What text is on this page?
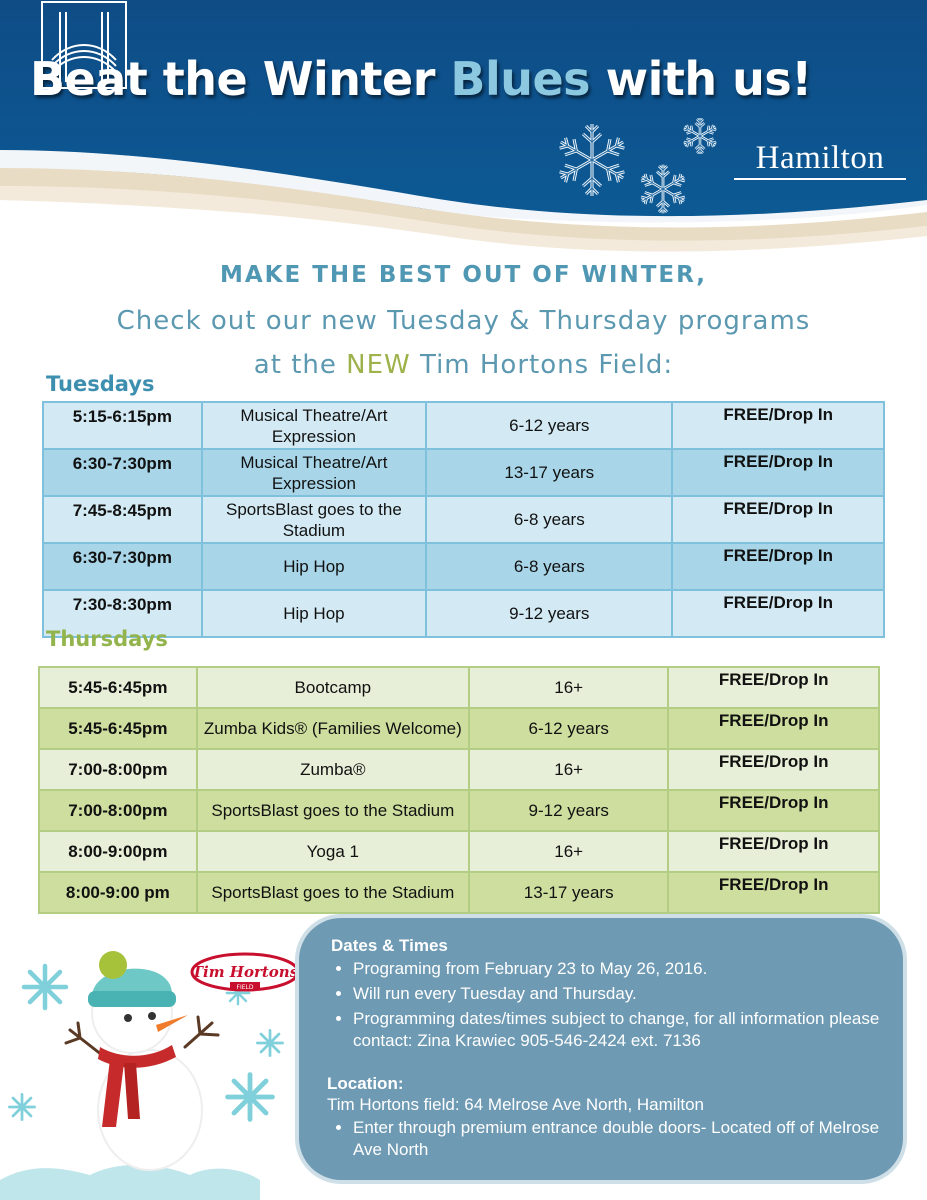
Beat the Winter Blues with us!
Hamilton
MAKE THE BEST OUT OF WINTER,
Check out our new Tuesday & Thursday programs
at the NEW Tim Hortons Field:
Tuesdays
5:15-6:15pm	Musical Theatre/Art Expression	6-12 years	FREE/Drop In
6:30-7:30pm	Musical Theatre/Art Expression	13-17 years	FREE/Drop In
7:45-8:45pm	SportsBlast goes to the Stadium	6-8 years	FREE/Drop In
6:30-7:30pm	Hip Hop	6-8 years	FREE/Drop In
7:30-8:30pm	Hip Hop	9-12 years	FREE/Drop In
Thursdays
5:45-6:45pm	Bootcamp	16+	FREE/Drop In
5:45-6:45pm	Zumba Kids® (Families Welcome)	6-12 years	FREE/Drop In
7:00-8:00pm	Zumba®	16+	FREE/Drop In
7:00-8:00pm	SportsBlast goes to the Stadium	9-12 years	FREE/Drop In
8:00-9:00pm	Yoga 1	16+	FREE/Drop In
8:00-9:00 pm	SportsBlast goes to the Stadium	13-17 years	FREE/Drop In
Tim Hortons
FIELD
Dates & Times
• Programing from February 23 to May 26, 2016.
• Will run every Tuesday and Thursday.
• Programming dates/times subject to change, for all information please contact: Zina Krawiec 905-546-2424 ext. 7136
Location:
Tim Hortons field: 64 Melrose Ave North, Hamilton
• Enter through premium entrance double doors- Located off of Melrose Ave North
